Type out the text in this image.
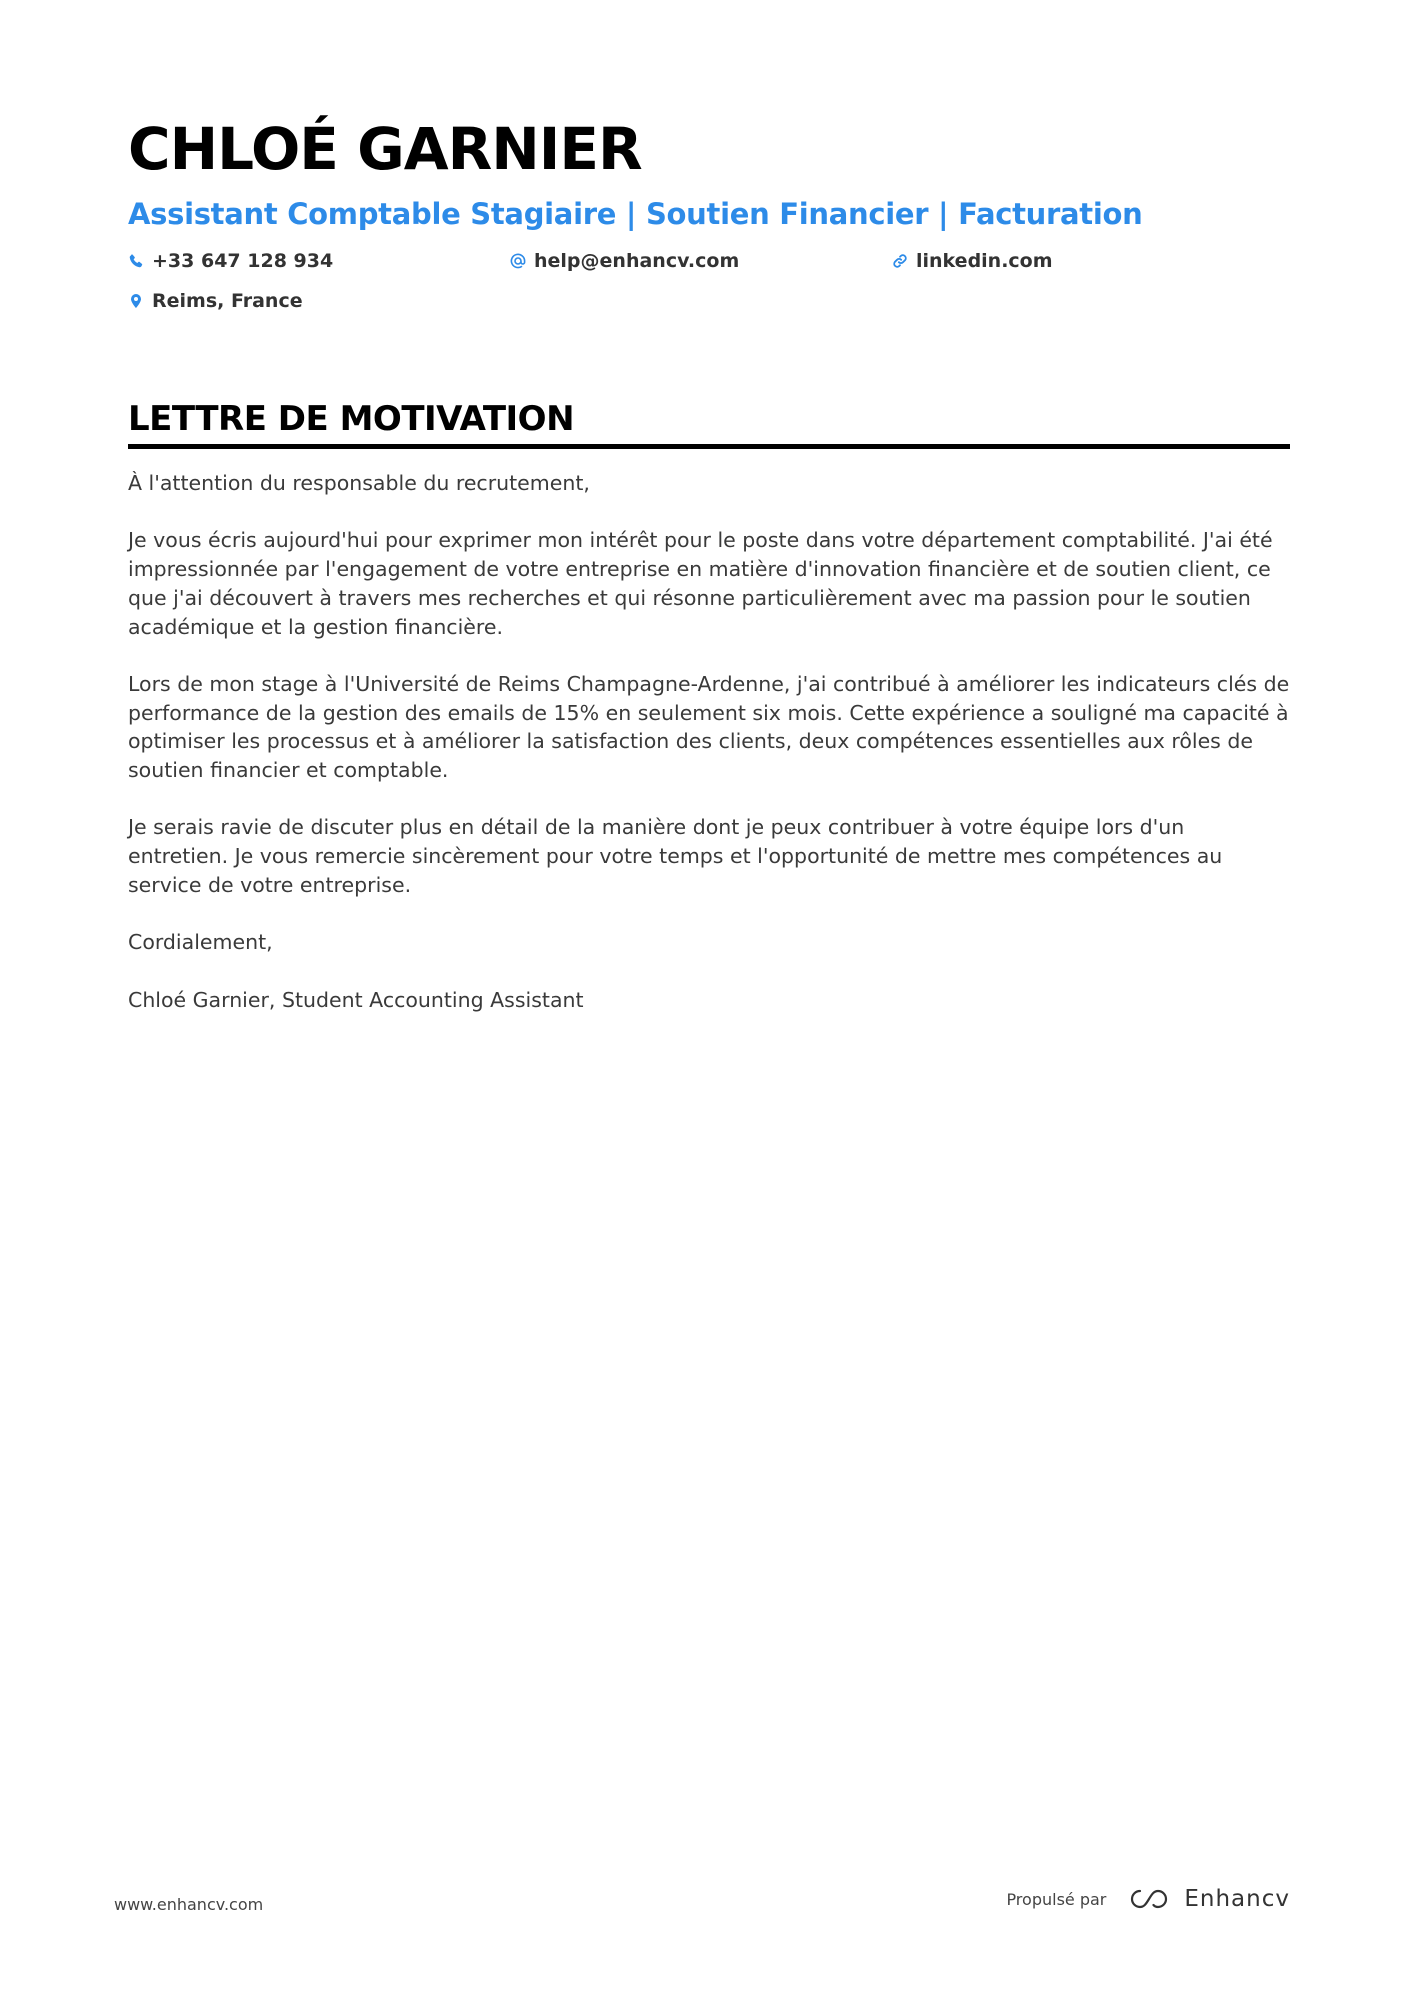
CHLOÉ GARNIER
Assistant Comptable Stagiaire | Soutien Financier | Facturation
+33 647 128 934	help@enhancv.com	linkedin.com
Reims, France
LETTRE DE MOTIVATION

À l'attention du responsable du recrutement,

Je vous écris aujourd'hui pour exprimer mon intérêt pour le poste dans votre département comptabilité. J'ai été impressionnée par l'engagement de votre entreprise en matière d'innovation financière et de soutien client, ce que j'ai découvert à travers mes recherches et qui résonne particulièrement avec ma passion pour le soutien académique et la gestion financière.

Lors de mon stage à l'Université de Reims Champagne-Ardenne, j'ai contribué à améliorer les indicateurs clés de performance de la gestion des emails de 15% en seulement six mois. Cette expérience a souligné ma capacité à optimiser les processus et à améliorer la satisfaction des clients, deux compétences essentielles aux rôles de soutien financier et comptable.

Je serais ravie de discuter plus en détail de la manière dont je peux contribuer à votre équipe lors d'un entretien. Je vous remercie sincèrement pour votre temps et l'opportunité de mettre mes compétences au service de votre entreprise.

Cordialement,

Chloé Garnier, Student Accounting Assistant

www.enhancv.com	Propulsé par	Enhancv
